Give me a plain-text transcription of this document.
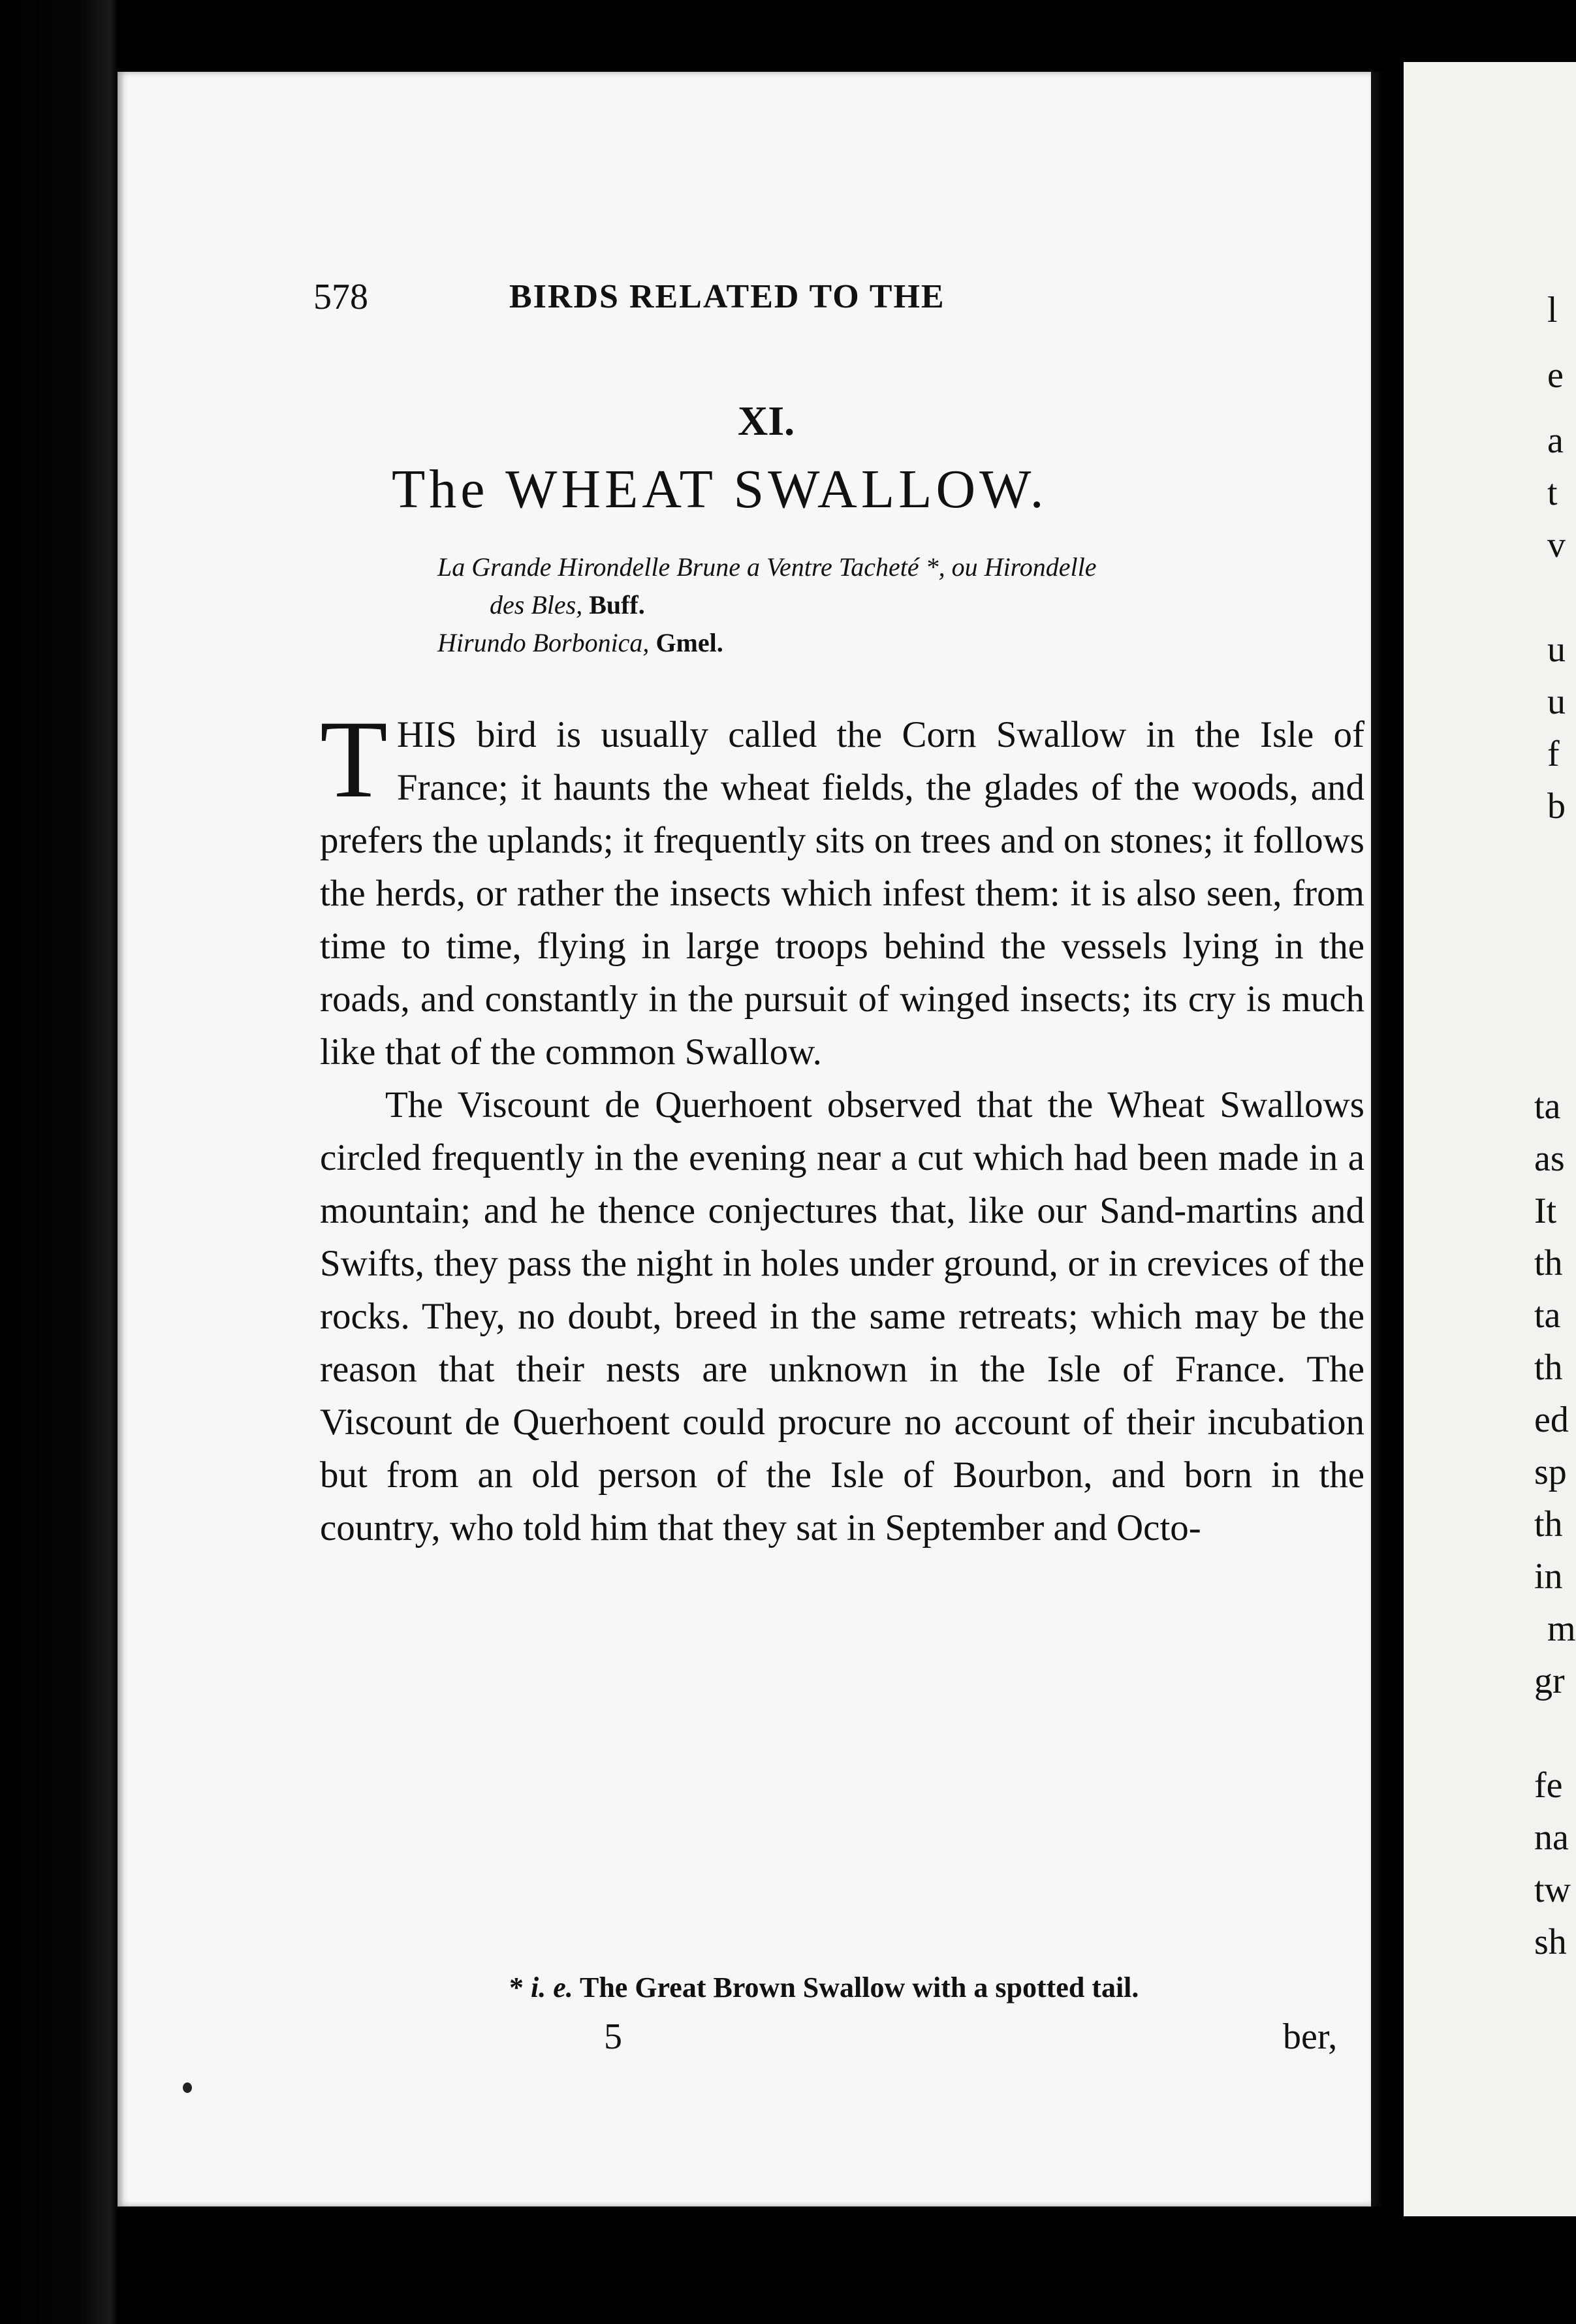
578	BIRDS RELATED TO THE
XI.
The WHEAT SWALLOW.
La Grande Hirondelle Brune a Ventre Tacheté *, ou Hirondelle
des Bles, Buff.
Hirundo Borbonica, Gmel.

THIS bird is usually called the Corn Swallow in the Isle of France; it haunts the wheat fields, the glades of the woods, and prefers the uplands; it frequently sits on trees and on stones; it follows the herds, or rather the insects which infest them: it is also seen, from time to time, flying in large troops behind the vessels lying in the roads, and constantly in the pursuit of winged insects; its cry is much like that of the common Swallow.

The Viscount de Querhoent observed that the Wheat Swallows circled frequently in the evening near a cut which had been made in a mountain; and he thence conjectures that, like our Sand-martins and Swifts, they pass the night in holes under ground, or in crevices of the rocks. They, no doubt, breed in the same retreats; which may be the reason that their nests are unknown in the Isle of France. The Viscount de Querhoent could procure no account of their incubation but from an old person of the Isle of Bourbon, and born in the country, who told him that they sat in September and Octo-

* i. e. The Great Brown Swallow with a spotted tail.
5	ber,
l
e
a
t
v
u
u
f
b
ta
as
It
th
ta
th
ed
sp
th
in
m
gr
fe
na
tw
sh
